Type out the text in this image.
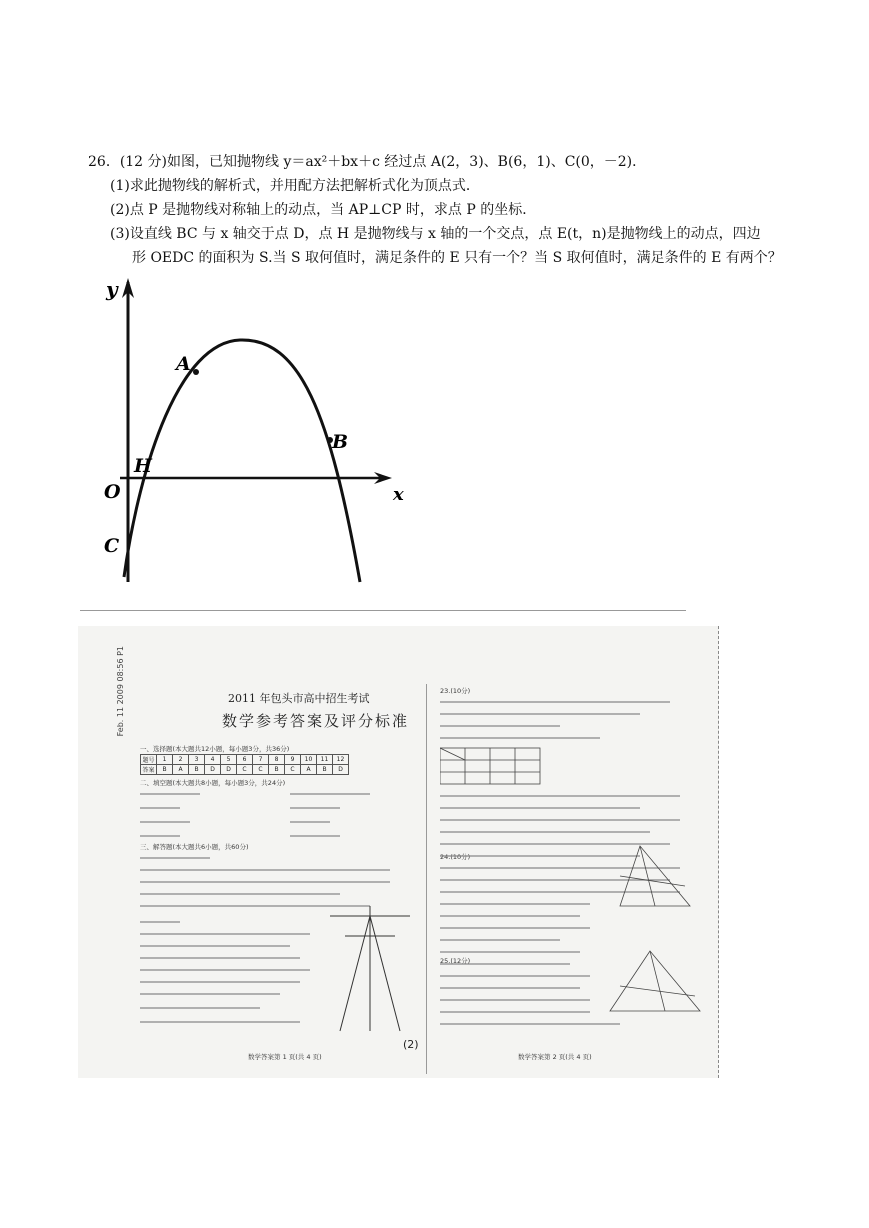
26．(12 分)如图，已知抛物线 y＝ax²＋bx＋c 经过点 A(2，3)、B(6，1)、C(0，－2)．
(1)求此抛物线的解析式，并用配方法把解析式化为顶点式．
(2)点 P 是抛物线对称轴上的动点，当 AP⊥CP 时，求点 P 的坐标．
(3)设直线 BC 与 x 轴交于点 D，点 H 是抛物线与 x 轴的一个交点，点 E(t，n)是抛物线上的动点，四边
形 OEDC 的面积为 S.当 S 取何值时，满足条件的 E 只有一个？当 S 取何值时，满足条件的 E 有两个？
y
x
O
A
B
C
H
Feb. 11 2009 08:56 P1	2011 年包头市高中招生考试
数学参考答案及评分标准
一、选择题(本大题共12小题，每小题3分，共36分)
题号	1	2	3	4	5	6	7	8	9	10	11	12
答案	B	A	B	D	D	C	C	B	C	A	B	D
二、填空题(本大题共8小题，每小题3分，共24分)
三、解答题(本大题共6小题，共60分)
23.(10分)
24.(10分)
25.(12分)
数学答案第 1 页(共 4 页)
(2)
数学答案第 2 页(共 4 页)
